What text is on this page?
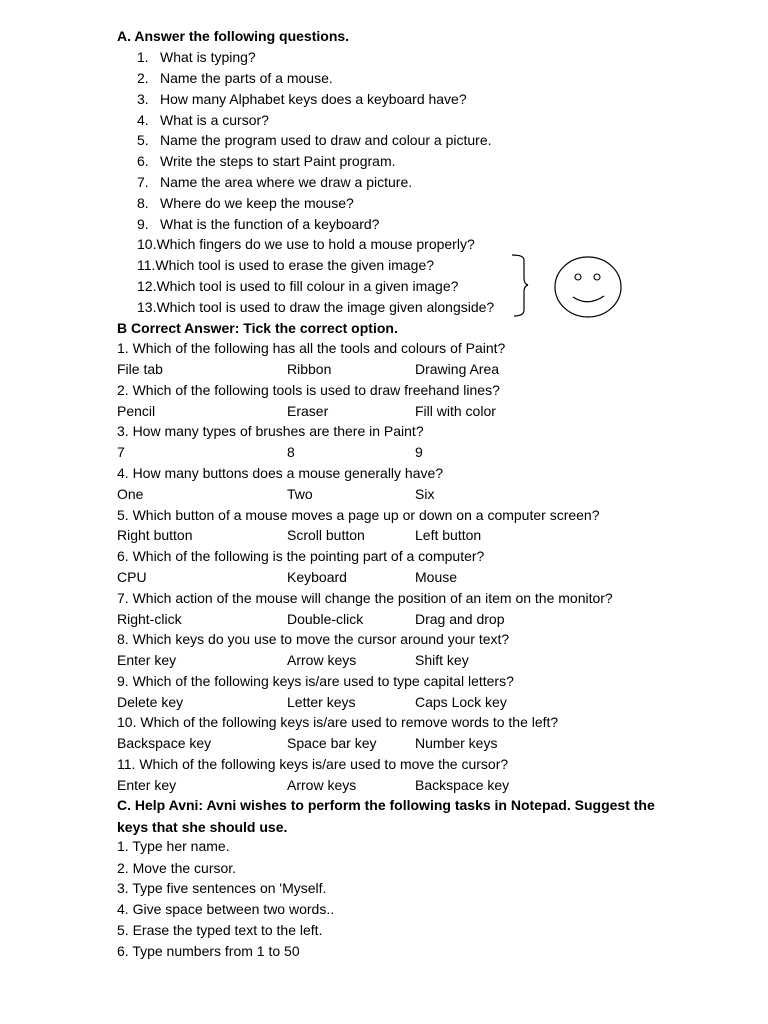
A. Answer the following questions.
1. What is typing?
2. Name the parts of a mouse.
3. How many Alphabet keys does a keyboard have?
4. What is a cursor?
5. Name the program used to draw and colour a picture.
6. Write the steps to start Paint program.
7. Name the area where we draw a picture.
8. Where do we keep the mouse?
9. What is the function of a keyboard?
10.Which fingers do we use to hold a mouse properly?
11.Which tool is used to erase the given image?
12.Which tool is used to fill colour in a given image?
13.Which tool is used to draw the image given alongside?
B Correct Answer: Tick the correct option.
1. Which of the following has all the tools and colours of Paint?
File tab	Ribbon	Drawing Area
2. Which of the following tools is used to draw freehand lines?
Pencil	Eraser	Fill with color
3. How many types of brushes are there in Paint?
7	8	9
4. How many buttons does a mouse generally have?
One	Two	Six
5. Which button of a mouse moves a page up or down on a computer screen?
Right button	Scroll button	Left button
6. Which of the following is the pointing part of a computer?
CPU	Keyboard	Mouse
7. Which action of the mouse will change the position of an item on the monitor?
Right-click	Double-click	Drag and drop
8. Which keys do you use to move the cursor around your text?
Enter key	Arrow keys	Shift key
9. Which of the following keys is/are used to type capital letters?
Delete key	Letter keys	Caps Lock key
10. Which of the following keys is/are used to remove words to the left?
Backspace key	Space bar key	Number keys
11. Which of the following keys is/are used to move the cursor?
Enter key	Arrow keys	Backspace key
C. Help Avni: Avni wishes to perform the following tasks in Notepad. Suggest the
keys that she should use.
1. Type her name.
2. Move the cursor.
3. Type five sentences on 'Myself.
4. Give space between two words..
5. Erase the typed text to the left.
6. Type numbers from 1 to 50
